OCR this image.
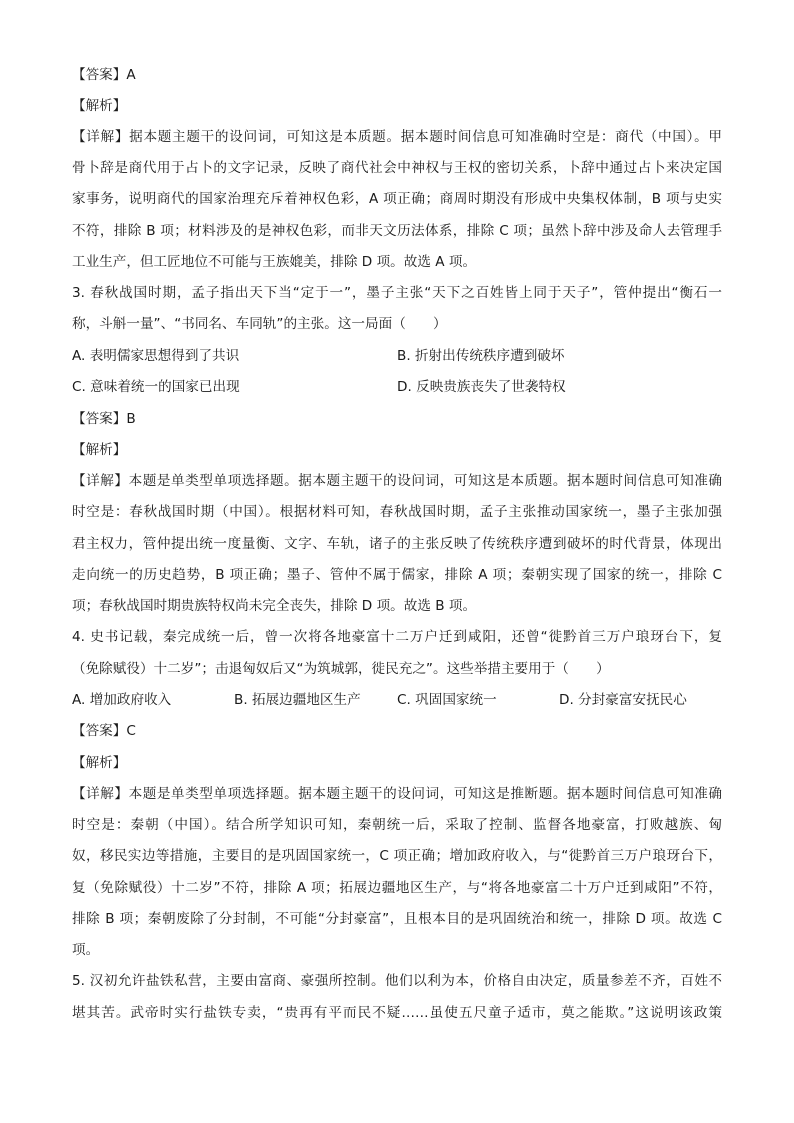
【答案】A
【解析】
【详解】据本题主题干的设问词，可知这是本质题。据本题时间信息可知准确时空是：商代（中国）。甲
骨卜辞是商代用于占卜的文字记录，反映了商代社会中神权与王权的密切关系，卜辞中通过占卜来决定国
家事务，说明商代的国家治理充斥着神权色彩，A 项正确；商周时期没有形成中央集权体制，B 项与史实
不符，排除 B 项；材料涉及的是神权色彩，而非天文历法体系，排除 C 项；虽然卜辞中涉及命人去管理手
工业生产，但工匠地位不可能与王族媲美，排除 D 项。故选 A 项。
3. 春秋战国时期，孟子指出天下当“定于一”，墨子主张“天下之百姓皆上同于天子”，管仲提出“衡石一
称，斗斛一量”、“书同名、车同轨”的主张。这一局面（　　）
A. 表明儒家思想得到了共识	B. 折射出传统秩序遭到破坏
C. 意味着统一的国家已出现	D. 反映贵族丧失了世袭特权
【答案】B
【解析】
【详解】本题是单类型单项选择题。据本题主题干的设问词，可知这是本质题。据本题时间信息可知准确
时空是：春秋战国时期（中国）。根据材料可知，春秋战国时期，孟子主张推动国家统一，墨子主张加强
君主权力，管仲提出统一度量衡、文字、车轨，诸子的主张反映了传统秩序遭到破坏的时代背景，体现出
走向统一的历史趋势，B 项正确；墨子、管仲不属于儒家，排除 A 项；秦朝实现了国家的统一，排除 C
项；春秋战国时期贵族特权尚未完全丧失，排除 D 项。故选 B 项。
4. 史书记载，秦完成统一后，曾一次将各地豪富十二万户迁到咸阳，还曾“徙黔首三万户琅玡台下，复
（免除赋役）十二岁”；击退匈奴后又“为筑城郭，徙民充之”。这些举措主要用于（　　）
A. 增加政府收入	B. 拓展边疆地区生产	C. 巩固国家统一	D. 分封豪富安抚民心
【答案】C
【解析】
【详解】本题是单类型单项选择题。据本题主题干的设问词，可知这是推断题。据本题时间信息可知准确
时空是：秦朝（中国）。结合所学知识可知，秦朝统一后，采取了控制、监督各地豪富，打败越族、匈
奴，移民实边等措施，主要目的是巩固国家统一，C 项正确；增加政府收入，与“徙黔首三万户琅玡台下，
复（免除赋役）十二岁”不符，排除 A 项；拓展边疆地区生产，与“将各地豪富二十万户迁到咸阳”不符，
排除 B 项；秦朝废除了分封制，不可能“分封豪富”，且根本目的是巩固统治和统一，排除 D 项。故选 C
项。
5. 汉初允许盐铁私营，主要由富商、豪强所控制。他们以利为本，价格自由决定，质量参差不齐，百姓不
堪其苦。武帝时实行盐铁专卖，“贵再有平而民不疑……虽使五尺童子适市，莫之能欺。”这说明该政策
